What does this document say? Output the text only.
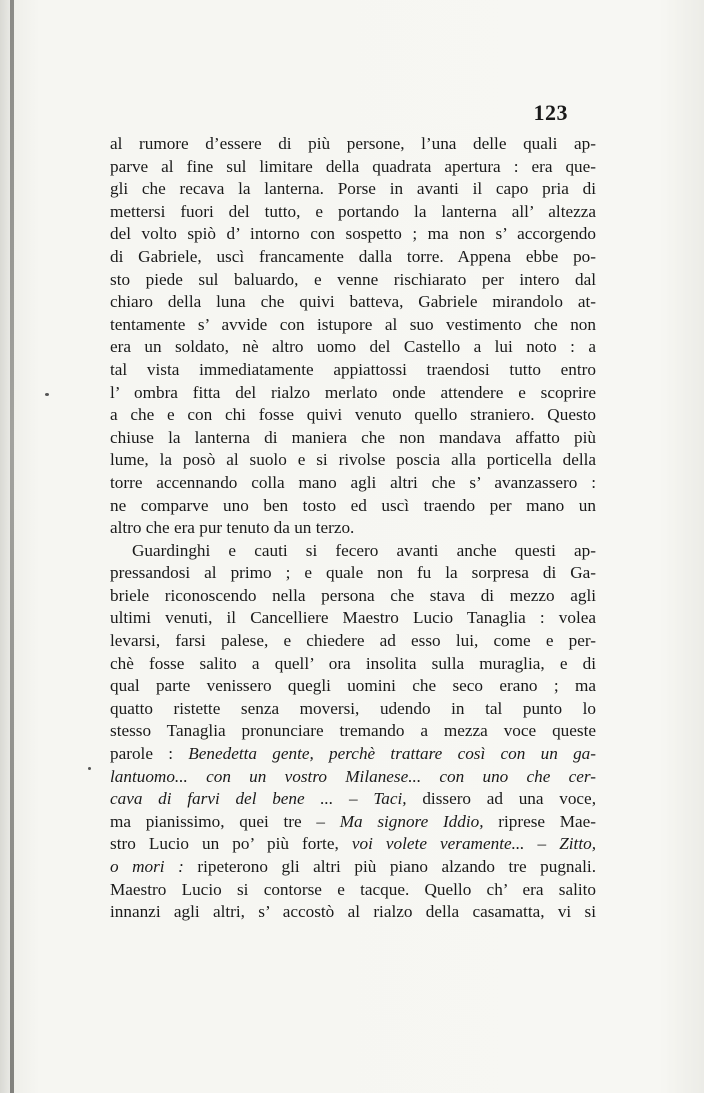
123
al rumore d’essere di più persone, l’una delle quali ap-
parve al fine sul limitare della quadrata apertura : era que-
gli che recava la lanterna. Porse in avanti il capo pria di
mettersi fuori del tutto, e portando la lanterna all’ altezza
del volto spiò d’ intorno con sospetto ; ma non s’ accorgendo
di Gabriele, uscì francamente dalla torre. Appena ebbe po-
sto piede sul baluardo, e venne rischiarato per intero dal
chiaro della luna che quivi batteva, Gabriele mirandolo at-
tentamente s’ avvide con istupore al suo vestimento che non
era un soldato, nè altro uomo del Castello a lui noto : a
tal vista immediatamente appiattossi traendosi tutto entro
l’ ombra fitta del rialzo merlato onde attendere e scoprire
a che e con chi fosse quivi venuto quello straniero. Questo
chiuse la lanterna di maniera che non mandava affatto più
lume, la posò al suolo e si rivolse poscia alla porticella della
torre accennando colla mano agli altri che s’ avanzassero :
ne comparve uno ben tosto ed uscì traendo per mano un
altro che era pur tenuto da un terzo.
Guardinghi e cauti si fecero avanti anche questi ap-
pressandosi al primo ; e quale non fu la sorpresa di Ga-
briele riconoscendo nella persona che stava di mezzo agli
ultimi venuti, il Cancelliere Maestro Lucio Tanaglia : volea
levarsi, farsi palese, e chiedere ad esso lui, come e per-
chè fosse salito a quell’ ora insolita sulla muraglia, e di
qual parte venissero quegli uomini che seco erano ; ma
quatto ristette senza moversi, udendo in tal punto lo
stesso Tanaglia pronunciare tremando a mezza voce queste
parole : Benedetta gente, perchè trattare così con un ga-
lantuomo... con un vostro Milanese... con uno che cer-
cava di farvi del bene ... – Taci, dissero ad una voce,
ma pianissimo, quei tre – Ma signore Iddio, riprese Mae-
stro Lucio un po’ più forte, voi volete veramente... – Zitto,
o mori : ripeterono gli altri più piano alzando tre pugnali.
Maestro Lucio si contorse e tacque. Quello ch’ era salito
innanzi agli altri, s’ accostò al rialzo della casamatta, vi si
